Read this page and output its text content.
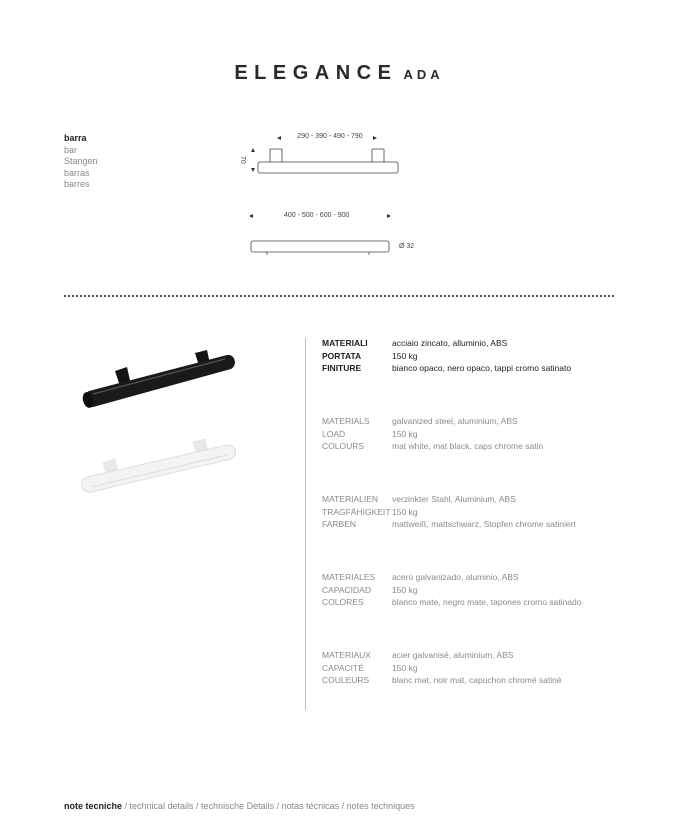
ELEGANCE ADA
barra
bar
Stangen
barras
barres
290 - 390 - 490 - 790
70
400 - 500 - 600 - 900
Ø 32
MATERIALI	acciaio zincato, alluminio, ABS
PORTATA	150 kg
FINITURE	bianco opaco, nero opaco, tappi cromo satinato
MATERIALS	galvanized steel, aluminium, ABS
LOAD	150 kg
COLOURS	mat white, mat black, caps chrome satin
MATERIALIEN verzinkter Stahl, Aluminium, ABS
TRAGFÄHIGKEIT 150 kg
FARBEN	mattweiß, mattschwarz, Stopfen chrome satiniert
MATERIALES acero galvanizado, aluminio, ABS
CAPACIDAD 150 kg
COLORES	blanco mate, negro mate, tapones cromo satinado
MATERIAUX acier galvanisé, aluminium, ABS
CAPACITÉ	150 kg
COULEURS	blanc mat, noir mat, capuchon chromé satiné
note tecniche / technical details / technische Details / notas técnicas / notes techniques
